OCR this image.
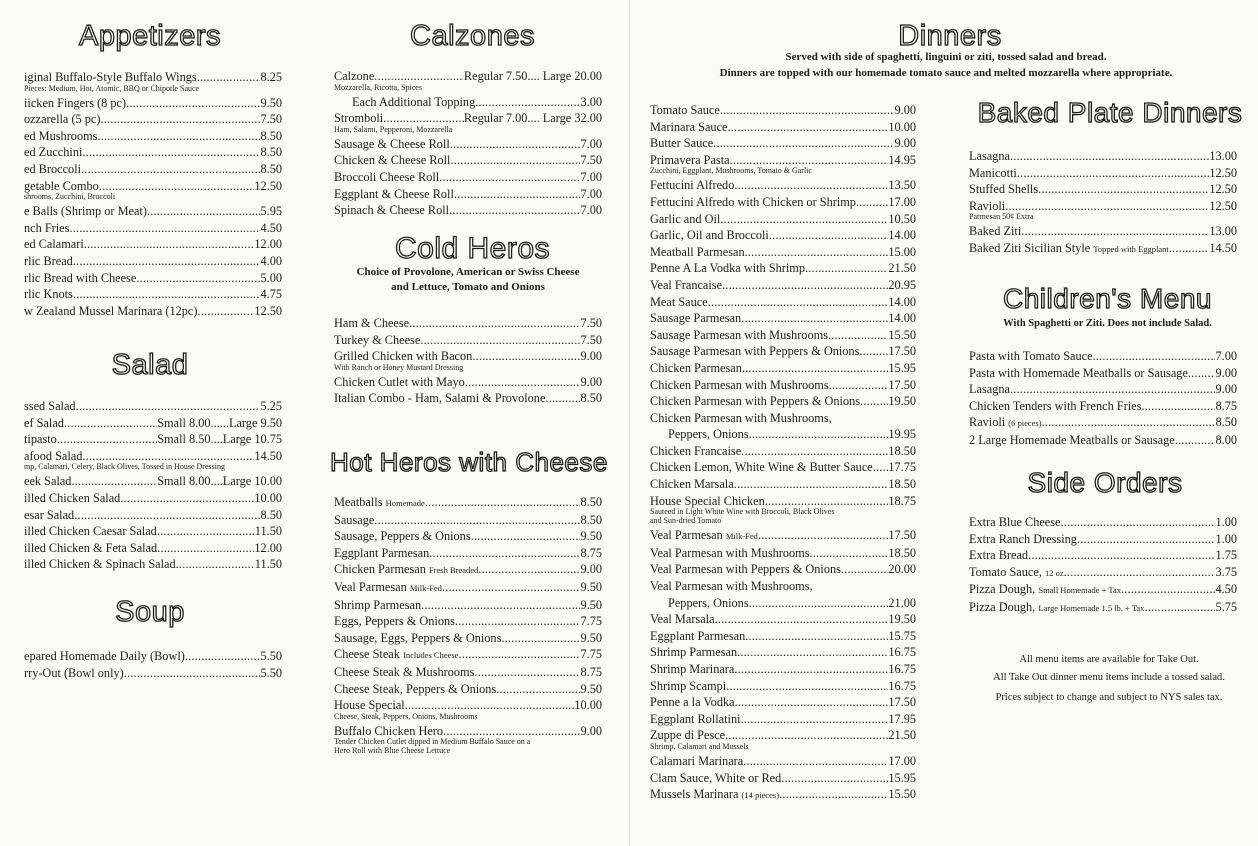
Appetizers
iginal Buffalo-Style Buffalo Wings .....	8.25
Pieces: Medium, Hot, Atomic, BBQ or Chipotle Sauce
iicken Fingers (8 pc) .....	9.50
ozzarella (5 pc) .....	7.50
ed Mushrooms .....	8.50
ed Zucchini .....	8.50
ed Broccoli .....	8.50
getable Combo .....	12.50
shrooms, Zucchini, Broccoli
e Balls (Shrimp or Meat) .....	5.95
nch Fries .....	4.50
ed Calamari .....	12.00
rlic Bread .....	4.00
rlic Bread with Cheese .....	5.00
rlic Knots .....	4.75
w Zealand Mussel Marinara (12pc) .....	12.50
Salad
ssed Salad .....	5.25
ef Salad .....	Small 8.00......Large 9.50
tipasto .....	Small 8.50....Large 10.75
afood Salad .....	14.50
mp, Calamari, Celery, Black Olives, Tossed in House Dressing
eek Salad .....	Small 8.00....Large 10.00
illed Chicken Salad .....	10.00
esar Salad .....	8.50
illed Chicken Caesar Salad .....	11.50
illed Chicken & Feta Salad .....	12.00
illed Chicken & Spinach Salad .....	11.50
Soup
epared Homemade Daily (Bowl) .....	5.50
rry-Out (Bowl only) .....	5.50
Calzones
Calzone .....	Regular 7.50.... Large 20.00
Mozzarella, Ricotta, Spices
Each Additional Topping .....	3.00
Stromboli .....	Regular 7.00.... Large 32.00
Ham, Salami, Pepperoni, Mozzarella
Sausage & Cheese Roll .....	7.00
Chicken & Cheese Roll .....	7.50
Broccoli Cheese Roll .....	7.00
Eggplant & Cheese Roll .....	7.00
Spinach & Cheese Roll .....	7.00
Cold Heros
Choice of Provolone, American or Swiss Cheese
and Lettuce, Tomato and Onions
Ham & Cheese .....	7.50
Turkey & Cheese .....	7.50
Grilled Chicken with Bacon .....	9.00
With Ranch or Honey Mustard Dressing
Chicken Cutlet with Mayo .....	9.00
Italian Combo - Ham, Salami & Provolone .....	8.50
Hot Heros with Cheese
Meatballs Homemade .....	8.50
Sausage .....	8.50
Sausage, Peppers & Onions .....	9.50
Eggplant Parmesan .....	8.75
Chicken Parmesan Fresh Breaded .....	9.00
Veal Parmesan Milk-Fed .....	9.50
Shrimp Parmesan .....	9.50
Eggs, Peppers & Onions .....	7.75
Sausage, Eggs, Peppers & Onions .....	9.50
Cheese Steak Includes Cheese .....	7.75
Cheese Steak & Mushrooms .....	8.75
Cheese Steak, Peppers & Onions .....	9.50
House Special .....	10.00
Cheese, Steak, Peppers, Onions, Mushrooms
Buffalo Chicken Hero .....	9.00
Tender Chicken Cutlet dipped in Medium Buffalo Sauce on a
Hero Roll with Blue Cheese Lettuce
Dinners
Served with side of spaghetti, linguini or ziti, tossed salad and bread.
Dinners are topped with our homemade tomato sauce and melted mozzarella where appropriate.
Tomato Sauce .....	9.00
Marinara Sauce .....	10.00
Butter Sauce .....	9.00
Primavera Pasta .....	14.95
Zucchini, Eggplant, Mushrooms, Tomato & Garlic
Fettucini Alfredo .....	13.50
Fettucini Alfredo with Chicken or Shrimp .....	17.00
Garlic and Oil .....	10.50
Garlic, Oil and Broccoli .....	14.00
Meatball Parmesan .....	15.00
Penne A La Vodka with Shrimp .....	21.50
Veal Francaise .....	20.95
Meat Sauce .....	14.00
Sausage Parmesan .....	14.00
Sausage Parmesan with Mushrooms .....	15.50
Sausage Parmesan with Peppers & Onions ..... 17.50
Chicken Parmesan .....	15.95
Chicken Parmesan with Mushrooms .....	17.50
Chicken Parmesan with Peppers & Onions ..... 19.50
Chicken Parmesan with Mushrooms,
Peppers, Onions .....	19.95
Chicken Francaise .....	18.50
Chicken Lemon, White Wine & Butter Sauce ..... 17.75
Chicken Marsala .....	18.50
House Special Chicken .....	18.75
Sauteed in Light White Wine with Broccoli, Black Olives
and Sun-dried Tomato
Veal Parmesan Milk-Fed .....	17.50
Veal Parmesan with Mushrooms .....	18.50
Veal Parmesan with Peppers & Onions .....	20.00
Veal Parmesan with Mushrooms,
Peppers, Onions .....	21.00
Veal Marsala .....	19.50
Eggplant Parmesan .....	15.75
Shrimp Parmesan .....	16.75
Shrimp Marinara .....	16.75
Shrimp Scampi .....	16.75
Penne a la Vodka .....	17.50
Eggplant Rollatini .....	17.95
Zuppe di Pesce .....	21.50
Shrimp, Calamari and Mussels
Calamari Marinara .....	17.00
Clam Sauce, White or Red .....	15.95
Mussels Marinara (14 pieces) .....	15.50
Baked Plate Dinners
Lasagna .....	13.00
Manicotti .....	12.50
Stuffed Shells .....	12.50
Ravioli .....	12.50
Parmesan 50¢ Extra
Baked Ziti .....	13.00
Baked Ziti Sicilian Style Topped with Eggplant .....	14.50
Children's Menu
With Spaghetti or Ziti. Does not include Salad.
Pasta with Tomato Sauce .....	7.00
Pasta with Homemade Meatballs or Sausage ..... 9.00
Lasagna .....	9.00
Chicken Tenders with French Fries .....	8.75
Ravioli (6 pieces) .....	8.50
2 Large Homemade Meatballs or Sausage .....	8.00
Side Orders
Extra Blue Cheese .....	1.00
Extra Ranch Dressing .....	1.00
Extra Bread .....	1.75
Tomato Sauce, 12 oz .....	3.75
Pizza Dough, Small Homemade + Tax .....	4.50
Pizza Dough, Large Homemade 1.5 lb. + Tax .....	5.75
All menu items are available for Take Out.
All Take Out dinner menu items include a tossed salad.
Prices subject to change and subject to NYS sales tax.
